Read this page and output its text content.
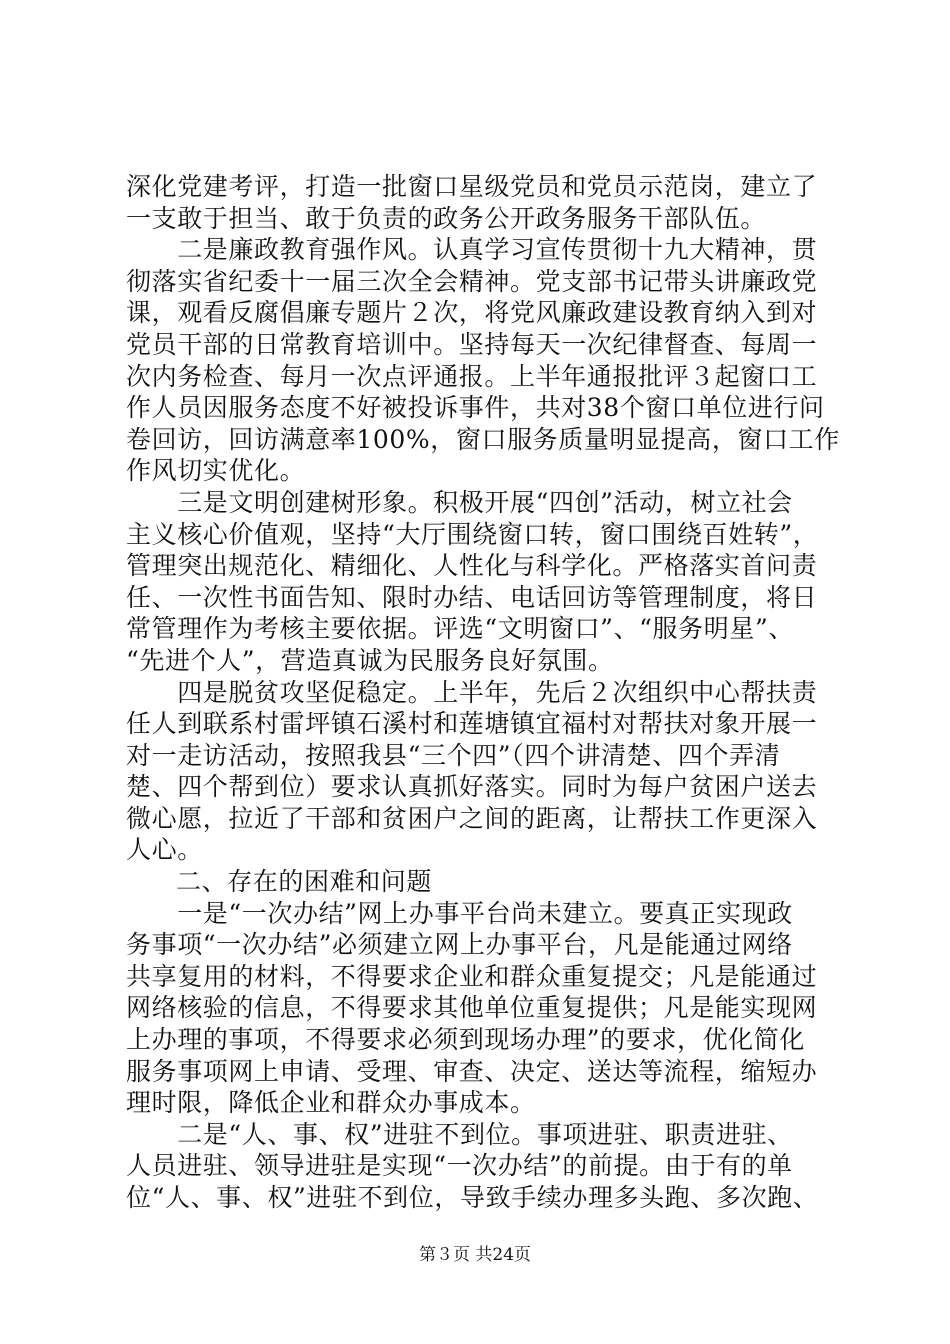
深化党建考评，打造一批窗口星级党员和党员示范岗，建立了
一支敢于担当、敢于负责的政务公开政务服务干部队伍。
　　二是廉政教育强作风。认真学习宣传贯彻十九大精神，贯
彻落实省纪委十一届三次全会精神。党支部书记带头讲廉政党
课，观看反腐倡廉专题片２次，将党风廉政建设教育纳入到对
党员干部的日常教育培训中。坚持每天一次纪律督查、每周一
次内务检查、每月一次点评通报。上半年通报批评３起窗口工
作人员因服务态度不好被投诉事件，共对38个窗口单位进行问
卷回访，回访满意率100%，窗口服务质量明显提高，窗口工作
作风切实优化。
　　三是文明创建树形象。积极开展“四创”活动，树立社会
主义核心价值观，坚持“大厅围绕窗口转，窗口围绕百姓转”，
管理突出规范化、精细化、人性化与科学化。严格落实首问责
任、一次性书面告知、限时办结、电话回访等管理制度，将日
常管理作为考核主要依据。评选“文明窗口”、“服务明星”、
“先进个人”，营造真诚为民服务良好氛围。
　　四是脱贫攻坚促稳定。上半年，先后２次组织中心帮扶责
任人到联系村雷坪镇石溪村和莲塘镇宜福村对帮扶对象开展一
对一走访活动，按照我县“三个四”（四个讲清楚、四个弄清
楚、四个帮到位）要求认真抓好落实。同时为每户贫困户送去
微心愿，拉近了干部和贫困户之间的距离，让帮扶工作更深入
人心。
二、存在的困难和问题
　　一是“一次办结”网上办事平台尚未建立。要真正实现政
务事项“一次办结”必须建立网上办事平台，凡是能通过网络
共享复用的材料，不得要求企业和群众重复提交；凡是能通过
网络核验的信息，不得要求其他单位重复提供；凡是能实现网
上办理的事项，不得要求必须到现场办理”的要求，优化简化
服务事项网上申请、受理、审查、决定、送达等流程，缩短办
理时限，降低企业和群众办事成本。
　　二是“人、事、权”进驻不到位。事项进驻、职责进驻、
人员进驻、领导进驻是实现“一次办结”的前提。由于有的单
位“人、事、权”进驻不到位，导致手续办理多头跑、多次跑、
第３页 共24页
